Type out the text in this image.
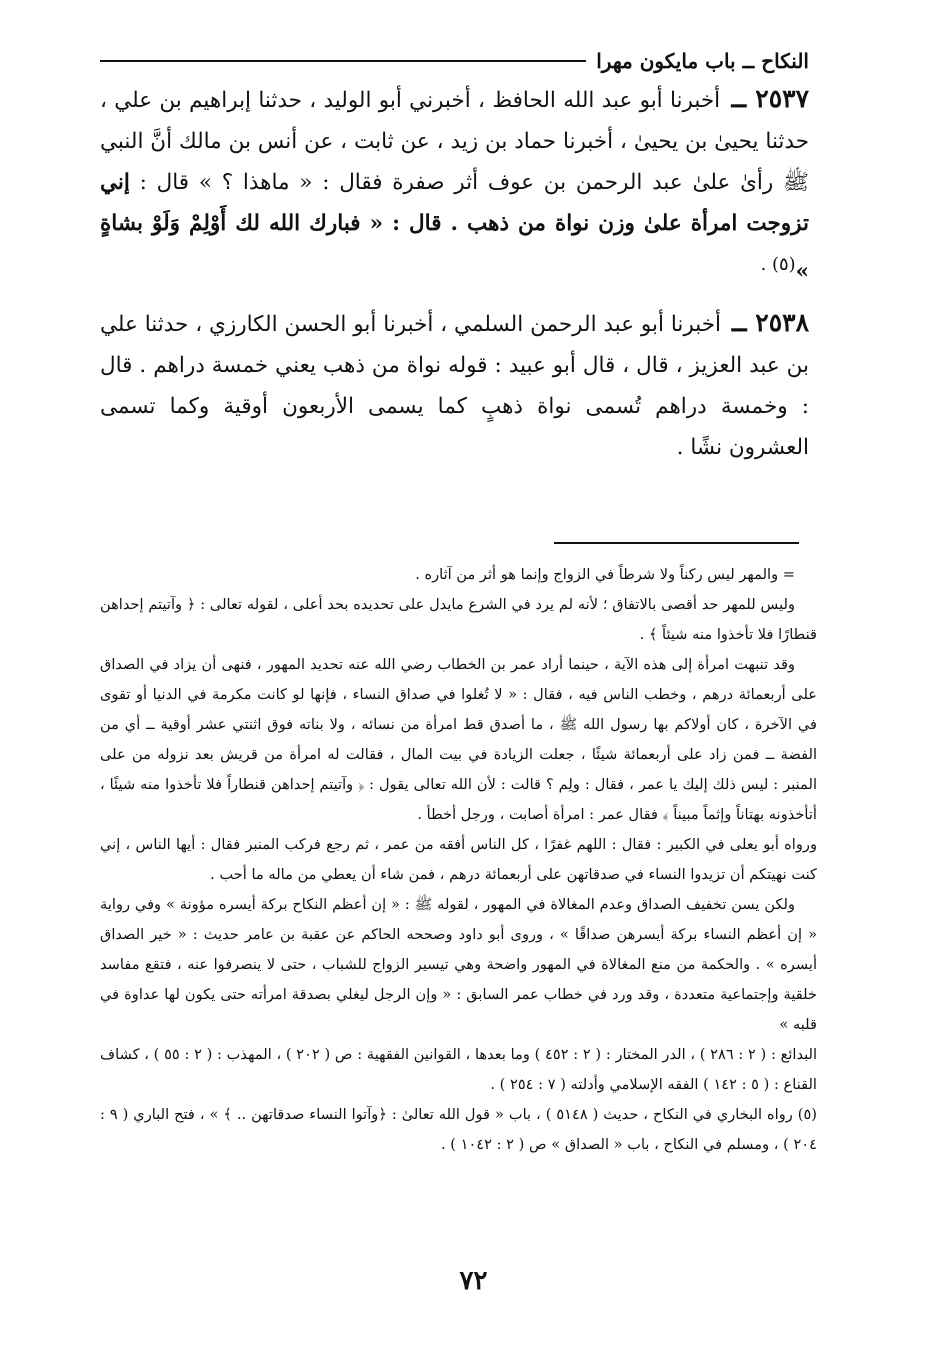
النكاح ــ باب مايكون مهرا

٢٥٣٧ ــ أخبرنا أبو عبد الله الحافظ ، أخبرني أبو الوليد ، حدثنا إبراهيم بن علي ، حدثنا يحيىٰ بن يحيىٰ ، أخبرنا حماد بن زيد ، عن ثابت ، عن أنس بن مالك أنَّ النبي ﷺ رأىٰ علىٰ عبد الرحمن بن عوف أثر صفرة فقال : « ماهذا ؟ » قال : إني تزوجت امرأة علىٰ وزن نواة من ذهب . قال : « فبارك الله لك أَوْلِمْ وَلَوْ بشاةٍ »$^{(٥) .}$

٢٥٣٨ ــ أخبرنا أبو عبد الرحمن السلمي ، أخبرنا أبو الحسن الكارزي ، حدثنا علي بن عبد العزيز ، قال ، قال أبو عبيد : قوله نواة من ذهب يعني خمسة دراهم . قال : وخمسة دراهم تُسمى نواة ذهبٍ كما يسمى الأربعون أوقية وكما تسمى العشرون نشًا .

= والمهر ليس ركناً ولا شرطاً في الزواج وإنما هو أثر من آثاره .

وليس للمهر حد أقصى بالاتفاق ؛ لأنه لم يرد في الشرع مايدل على تحديده بحد أعلى ، لقوله تعالى : ﴿ وآتيتم إحداهن قنطارًا فلا تأخذوا منه شيئاً ﴾ .

وقد تنبهت امرأة إلى هذه الآية ، حينما أراد عمر بن الخطاب رضي الله عنه تحديد المهور ، فنهى أن يزاد في الصداق على أربعمائة درهم ، وخطب الناس فيه ، فقال : « لا تُغلوا في صداق النساء ، فإنها لو كانت مكرمة في الدنيا أو تقوى في الآخرة ، كان أولاكم بها رسول الله ﷺ ، ما أصدق قط امرأة من نسائه ، ولا بناته فوق اثنتي عشر أوقية ــ أي من الفضة ــ فمن زاد على أربعمائة شيئًا ، جعلت الزيادة في بيت المال ، فقالت له امرأة من قريش بعد نزوله من على المنبر : ليس ذلك إليك يا عمر ، فقال : ولِم ؟ قالت : لأن الله تعالى يقول : ﴿ وآتيتم إحداهن قنطاراً فلا تأخذوا منه شيئًا ، أتأخذونه بهتاناً وإثماً مبيناً ﴾ فقال عمر : امرأة أصابت ، ورجل أخطأ .

ورواه أبو يعلى في الكبير : فقال : اللهم غفرًا ، كل الناس أفقه من عمر ، ثم رجع فركب المنبر فقال : أيها الناس ، إني كنت نهيتكم أن تزيدوا النساء في صدقاتهن على أربعمائة درهم ، فمن شاء أن يعطي من ماله ما أحب .

ولكن يسن تخفيف الصداق وعدم المغالاة في المهور ، لقوله ﷺ : « إن أعظم النكاح بركة أيسره مؤونة » وفي رواية « إن أعظم النساء بركة أيسرهن صداقًا » ، وروى أبو داود وصححه الحاكم عن عقبة بن عامر حديث : « خير الصداق أيسره » . والحكمة من منع المغالاة في المهور واضحة وهي تيسير الزواج للشباب ، حتى لا ينصرفوا عنه ، فتقع مفاسد خلقية وإجتماعية متعددة ، وقد ورد في خطاب عمر السابق : « وإن الرجل ليغلي بصدقة امرأته حتى يكون لها عداوة في قلبه »

البدائع : ( ٢ : ٢٨٦ ) ، الدر المختار : ( ٢ : ٤٥٢ ) وما بعدها ، القوانين الفقهية : ص ( ٢٠٢ ) ، المهذب : ( ٢ : ٥٥ ) ، كشاف القناع : ( ٥ : ١٤٢ ) الفقه الإسلامي وأدلته ( ٧ : ٢٥٤ ) .

(٥) رواه البخاري في النكاح ، حديث ( ٥١٤٨ ) ، باب « قول الله تعالىٰ : ﴿وآتوا النساء صدقاتهن .. ﴾ » ، فتح الباري ( ٩ : ٢٠٤ ) ، ومسلم في النكاح ، باب « الصداق » ص ( ٢ : ١٠٤٢ ) .

٧٢
